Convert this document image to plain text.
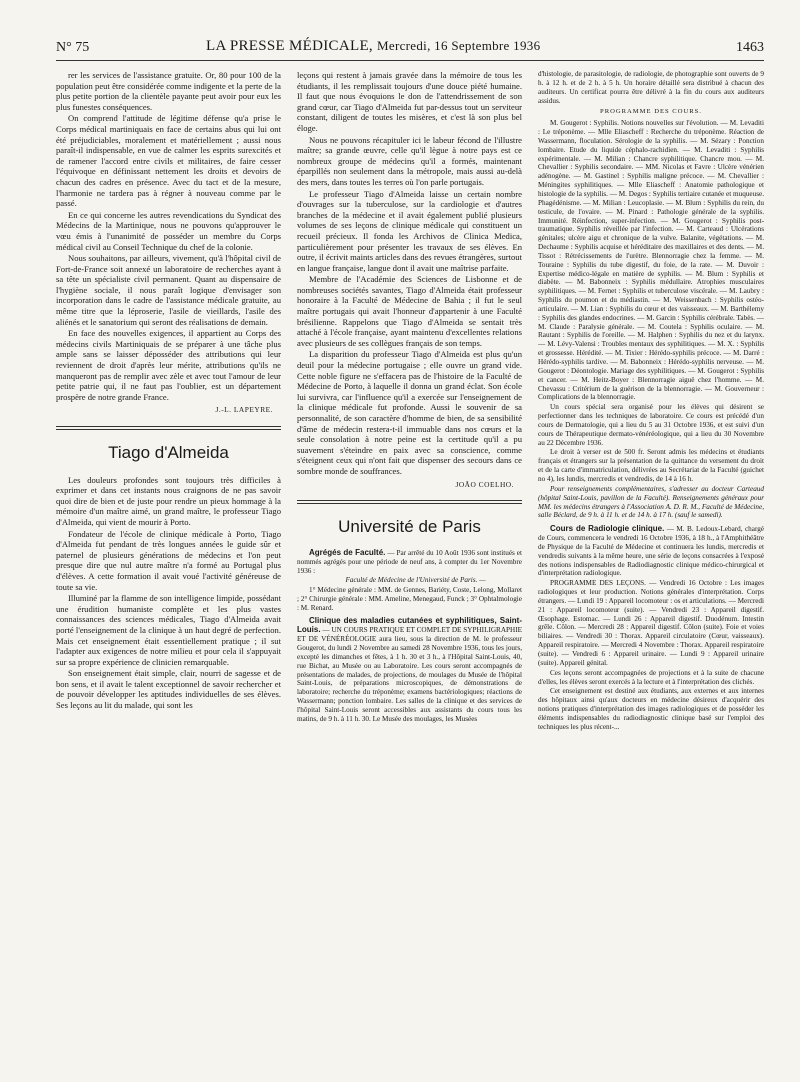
N° 75	LA PRESSE MÉDICALE, Mercredi, 16 Septembre 1936	1463

rer les services de l'assistance gratuite. Or, 80 pour 100 de la population peut être considérée comme indigente et la perte de la plus petite portion de la clientèle payante peut avoir pour eux les plus funestes conséquences.

On comprend l'attitude de légitime défense qu'a prise le Corps médical martiniquais en face de certains abus qui lui ont été préjudiciables, moralement et matériellement ; aussi nous paraît-il indispensable, en vue de calmer les esprits surexcités et de ramener l'accord entre civils et militaires, de faire cesser l'équivoque en définissant nettement les droits et devoirs de chacun des cadres en présence. Avec du tact et de la mesure, l'harmonie ne tardera pas à régner à nouveau comme par le passé.

En ce qui concerne les autres revendications du Syndicat des Médecins de la Martinique, nous ne pouvons qu'approuver le vœu émis à l'unanimité de posséder un membre du Corps médical civil au Conseil Technique du chef de la colonie.

Nous souhaitons, par ailleurs, vivement, qu'à l'hôpital civil de Fort-de-France soit annexé un laboratoire de recherches ayant à sa tête un spécialiste civil permanent. Quant au dispensaire de l'hygiène sociale, il nous paraît logique d'envisager son incorporation dans le cadre de l'assistance médicale gratuite, au même titre que la léproserie, l'asile de vieillards, l'asile des aliénés et le sanatorium qui seront des réalisations de demain.

En face des nouvelles exigences, il appartient au Corps des médecins civils Martiniquais de se préparer à une tâche plus ample sans se laisser déposséder des attributions qui leur reviennent de droit d'après leur mérite, attributions qu'ils ne manqueront pas de remplir avec zèle et avec tout l'amour de leur petite patrie qui, il ne faut pas l'oublier, est un département prospère de notre grande France.

J.-L. LAPEYRE.

Tiago d'Almeida

Les douleurs profondes sont toujours très difficiles à exprimer et dans cet instants nous craignons de ne pas savoir quoi dire de bien et de juste pour rendre un pieux hommage à la mémoire d'un maître aimé, un grand maître, le professeur Tiago d'Almeida, qui vient de mourir à Porto.

Fondateur de l'école de clinique médicale à Porto, Tiago d'Almeida fut pendant de très longues années le guide sûr et paternel de plusieurs générations de médecins et l'on peut presque dire que nul autre maître n'a formé au Portugal plus d'élèves. A cette formation il avait voué l'activité généreuse de toute sa vie.

Illuminé par la flamme de son intelligence limpide, possédant une érudition humaniste complète et les plus vastes connaissances des sciences médicales, Tiago d'Almeida avait porté l'enseignement de la clinique à un haut degré de perfection. Mais cet enseignement était essentiellement pratique ; il sut l'adapter aux exigences de notre milieu et pour cela il s'appuyait sur sa propre expérience de clinicien remarquable.

Son enseignement était simple, clair, nourri de sagesse et de bon sens, et il avait le talent exceptionnel de savoir rechercher et de pouvoir développer les aptitudes individuelles de ses élèves. Ses leçons au lit du malade, qui sont les

leçons qui restent à jamais gravée dans la mémoire de tous les étudiants, il les remplissait toujours d'une douce piété humaine. Il faut que nous évoquions le don de l'attendrissement de son grand cœur, car Tiago d'Almeida fut par-dessus tout un serviteur constant, diligent de toutes les misères, et c'est là son plus bel éloge.

Nous ne pouvons récapituler ici le labeur fécond de l'illustre maître; sa grande œuvre, celle qu'il lègue à notre pays est ce nombreux groupe de médecins qu'il a formés, maintenant éparpillés non seulement dans la métropole, mais aussi au-delà des mers, dans toutes les terres où l'on parle portugais.

Le professeur Tiago d'Almeida laisse un certain nombre d'ouvrages sur la tuberculose, sur la cardiologie et d'autres branches de la médecine et il avait également publié plusieurs volumes de ses leçons de clinique médicale qui constituent un recueil précieux. Il fonda les Archivos de Clinica Medica, particulièrement pour présenter les travaux de ses élèves. En outre, il écrivit maints articles dans des revues étrangères, surtout en langue française, langue dont il avait une maîtrise parfaite.

Membre de l'Académie des Sciences de Lisbonne et de nombreuses sociétés savantes, Tiago d'Almeida était professeur honoraire à la Faculté de Médecine de Bahia ; il fut le seul maître portugais qui avait l'honneur d'appartenir à une Faculté brésilienne. Rappelons que Tiago d'Almeida se sentait très attaché à l'école française, ayant maintenu d'excellentes relations avec plusieurs de ses collègues français de son temps.

La disparition du professeur Tiago d'Almeida est plus qu'un deuil pour la médecine portugaise ; elle ouvre un grand vide. Cette noble figure ne s'effacera pas de l'histoire de la Faculté de Médecine de Porto, à laquelle il donna un grand éclat. Son école lui survivra, car l'influence qu'il a exercée sur l'enseignement de la clinique médicale fut profonde. Aussi le souvenir de sa personnalité, de son caractère d'homme de bien, de sa sensibilité d'âme de médecin restera-t-il immuable dans nos cœurs et la seule consolation à notre peine est la certitude qu'il a pu suavement s'éteindre en paix avec sa conscience, comme s'éteignent ceux qui n'ont fait que dispenser des secours dans ce sombre monde de souffrances.

JOÃO COELHO.

Université de Paris

Agrégés de Faculté. — Par arrêté du 10 Août 1936 sont institués et nommés agrégés pour une période de neuf ans, à compter du 1er Novembre 1936 :

Faculté de Médecine de l'Université de Paris. —

1° Médecine générale : MM. de Gennes, Bariéty, Coste, Lelong, Mollaret ; 2° Chirurgie générale : MM. Ameline, Menegaud, Funck ; 3° Ophtalmologie : M. Renard.

Clinique des maladies cutanées et syphilitiques, Saint-Louis. — UN COURS PRATIQUE ET COMPLET DE SYPHILIGRAPHIE ET DE VÉNÉRÉOLOGIE aura lieu, sous la direction de M. le professeur Gougerot, du lundi 2 Novembre au samedi 28 Novembre 1936, tous les jours, excepté les dimanches et fêtes, à 1 h. 30 et 3 h., à l'Hôpital Saint-Louis, 40, rue Bichat, au Musée ou au Laboratoire. Les cours seront accompagnés de présentations de malades, de projections, de moulages du Musée de l'hôpital Saint-Louis, de préparations microscopiques, de démonstrations de laboratoire; recherche du tréponème; examens bactériologiques; réactions de Wassermann; ponction lombaire. Les salles de la clinique et des services de l'hôpital Saint-Louis seront accessibles aux assistants du cours tous les matins, de 9 h. à 11 h. 30. Le Musée des moulages, les Musées

d'histologie, de parasitologie, de radiologie, de photographie sont ouverts de 9 h. à 12 h. et de 2 h. à 5 h. Un horaire détaillé sera distribué à chacun des auditeurs. Un certificat pourra être délivré à la fin du cours aux auditeurs assidus.

PROGRAMME DES COURS.

M. Gougerot : Syphilis. Notions nouvelles sur l'évolution. — M. Levaditi : Le tréponème. — Mlle Eliascheff : Recherche du tréponème. Réaction de Wassermann, floculation. Sérologie de la syphilis. — M. Sézary : Ponction lombaire. Etude du liquide céphalo-rachidien. — M. Levaditi : Syphilis expérimentale. — M. Milian : Chancre syphilitique. Chancre mou. — M. Chevallier : Syphilis secondaire. — MM. Nicolas et Favre : Ulcère vénérien adénogène. — M. Gastinel : Syphilis maligne précoce. — M. Chevallier : Méningites syphilitiques. — Mlle Eliascheff : Anatomie pathologique et histologie de la syphilis. — M. Degos : Syphilis tertiaire cutanée et muqueuse. Phagédénisme. — M. Milian : Leucoplasie. — M. Blum : Syphilis du rein, du testicule, de l'ovaire. — M. Pinard : Pathologie générale de la syphilis. Immunité. Réinfection, super-infection. — M. Gougerot : Syphilis post-traumatique. Syphilis réveillée par l'infection. — M. Carteaud : Ulcérations génitales; ulcère aigu et chronique de la vulve. Balanite, végétations. — M. Dechaume : Syphilis acquise et héréditaire des maxillaires et des dents. — M. Tissot : Rétrécissements de l'urètre. Blennorragie chez la femme. — M. Touraine : Syphilis du tube digestif, du foie, de la rate. — M. Duvoir : Expertise médico-légale en matière de syphilis. — M. Blum : Syphilis et diabète. — M. Babonneix : Syphilis médullaire. Atrophies musculaires syphilitiques. — M. Fernet : Syphilis et tuberculose viscérale. — M. Laubry : Syphilis du poumon et du médiastin. — M. Weissenbach : Syphilis ostéo-articulaire. — M. Lian : Syphilis du cœur et des vaisseaux. — M. Barthélemy : Syphilis des glandes endocrines. — M. Garcin : Syphilis cérébrale. Tabès. — M. Claude : Paralysie générale. — M. Coutela : Syphilis oculaire. — M. Rautant : Syphilis de l'oreille. — M. Halphen : Syphilis du nez et du larynx. — M. Lévy-Valensi : Troubles mentaux des syphilitiques. — M. X. : Syphilis et grossesse. Hérédité. — M. Tixier : Hérédo-syphilis précoce. — M. Darré : Hérédo-syphilis tardive. — M. Babonneix : Hérédo-syphilis nerveuse. — M. Gougerot : Déontologie. Mariage des syphilitiques. — M. Gougerot : Syphilis et cancer. — M. Heitz-Boyer : Blennorragie aiguë chez l'homme. — M. Chevassu : Critérium de la guérison de la blennorragie. — M. Gouverneur : Complications de la blennorragie.

Un cours spécial sera organisé pour les élèves qui désirent se perfectionner dans les techniques de laboratoire. Ce cours est précédé d'un cours de Dermatologie, qui a lieu du 5 au 31 Octobre 1936, et est suivi d'un cours de Thérapeutique dermato-vénéréologique, qui a lieu du 30 Novembre au 22 Décembre 1936.

Le droit à verser est de 500 fr. Seront admis les médecins et étudiants français et étrangers sur la présentation de la quittance du versement du droit et de la carte d'immatriculation, délivrées au Secrétariat de la Faculté (guichet no 4), les lundis, mercredis et vendredis, de 14 à 16 h.

Pour renseignements complémentaires, s'adresser au docteur Carteaud (hôpital Saint-Louis, pavillon de la Faculté). Renseignements généraux pour MM. les médecins étrangers à l'Association A. D. R. M., Faculté de Médecine, salle Béclard, de 9 h. à 11 h. et de 14 h. à 17 h. (sauf le samedi).

Cours de Radiologie clinique. — M. B. Ledoux-Lebard, chargé de Cours, commencera le vendredi 16 Octobre 1936, à 18 h., à l'Amphithéâtre de Physique de la Faculté de Médecine et continuera les lundis, mercredis et vendredis suivants à la même heure, une série de leçons consacrées à l'exposé des notions indispensables de Radiodiagnostic clinique médico-chirurgical et d'interprétation radiologique.

PROGRAMME DES LEÇONS. — Vendredi 16 Octobre : Les images radiologiques et leur production. Notions générales d'interprétation. Corps étrangers. — Lundi 19 : Appareil locomoteur : os et articulations. — Mercredi 21 : Appareil locomoteur (suite). — Vendredi 23 : Appareil digestif. Œsophage. Estomac. — Lundi 26 : Appareil digestif. Duodénum. Intestin grêle. Côlon. — Mercredi 28 : Appareil digestif. Côlon (suite). Foie et voies biliaires. — Vendredi 30 : Thorax. Appareil circulatoire (Cœur, vaisseaux). Appareil respiratoire. — Mercredi 4 Novembre : Thorax. Appareil respiratoire (suite). — Vendredi 6 : Appareil urinaire. — Lundi 9 : Appareil urinaire (suite). Appareil génital.

Ces leçons seront accompagnées de projections et à la suite de chacune d'elles, les élèves seront exercés à la lecture et à l'interprétation des clichés.

Cet enseignement est destiné aux étudiants, aux externes et aux internes des hôpitaux ainsi qu'aux docteurs en médecine désireux d'acquérir des notions pratiques d'interprétation des images radiologiques et de posséder les éléments indispensables du radiodiagnostic clinique basé sur l'emploi des techniques les plus récent-...
